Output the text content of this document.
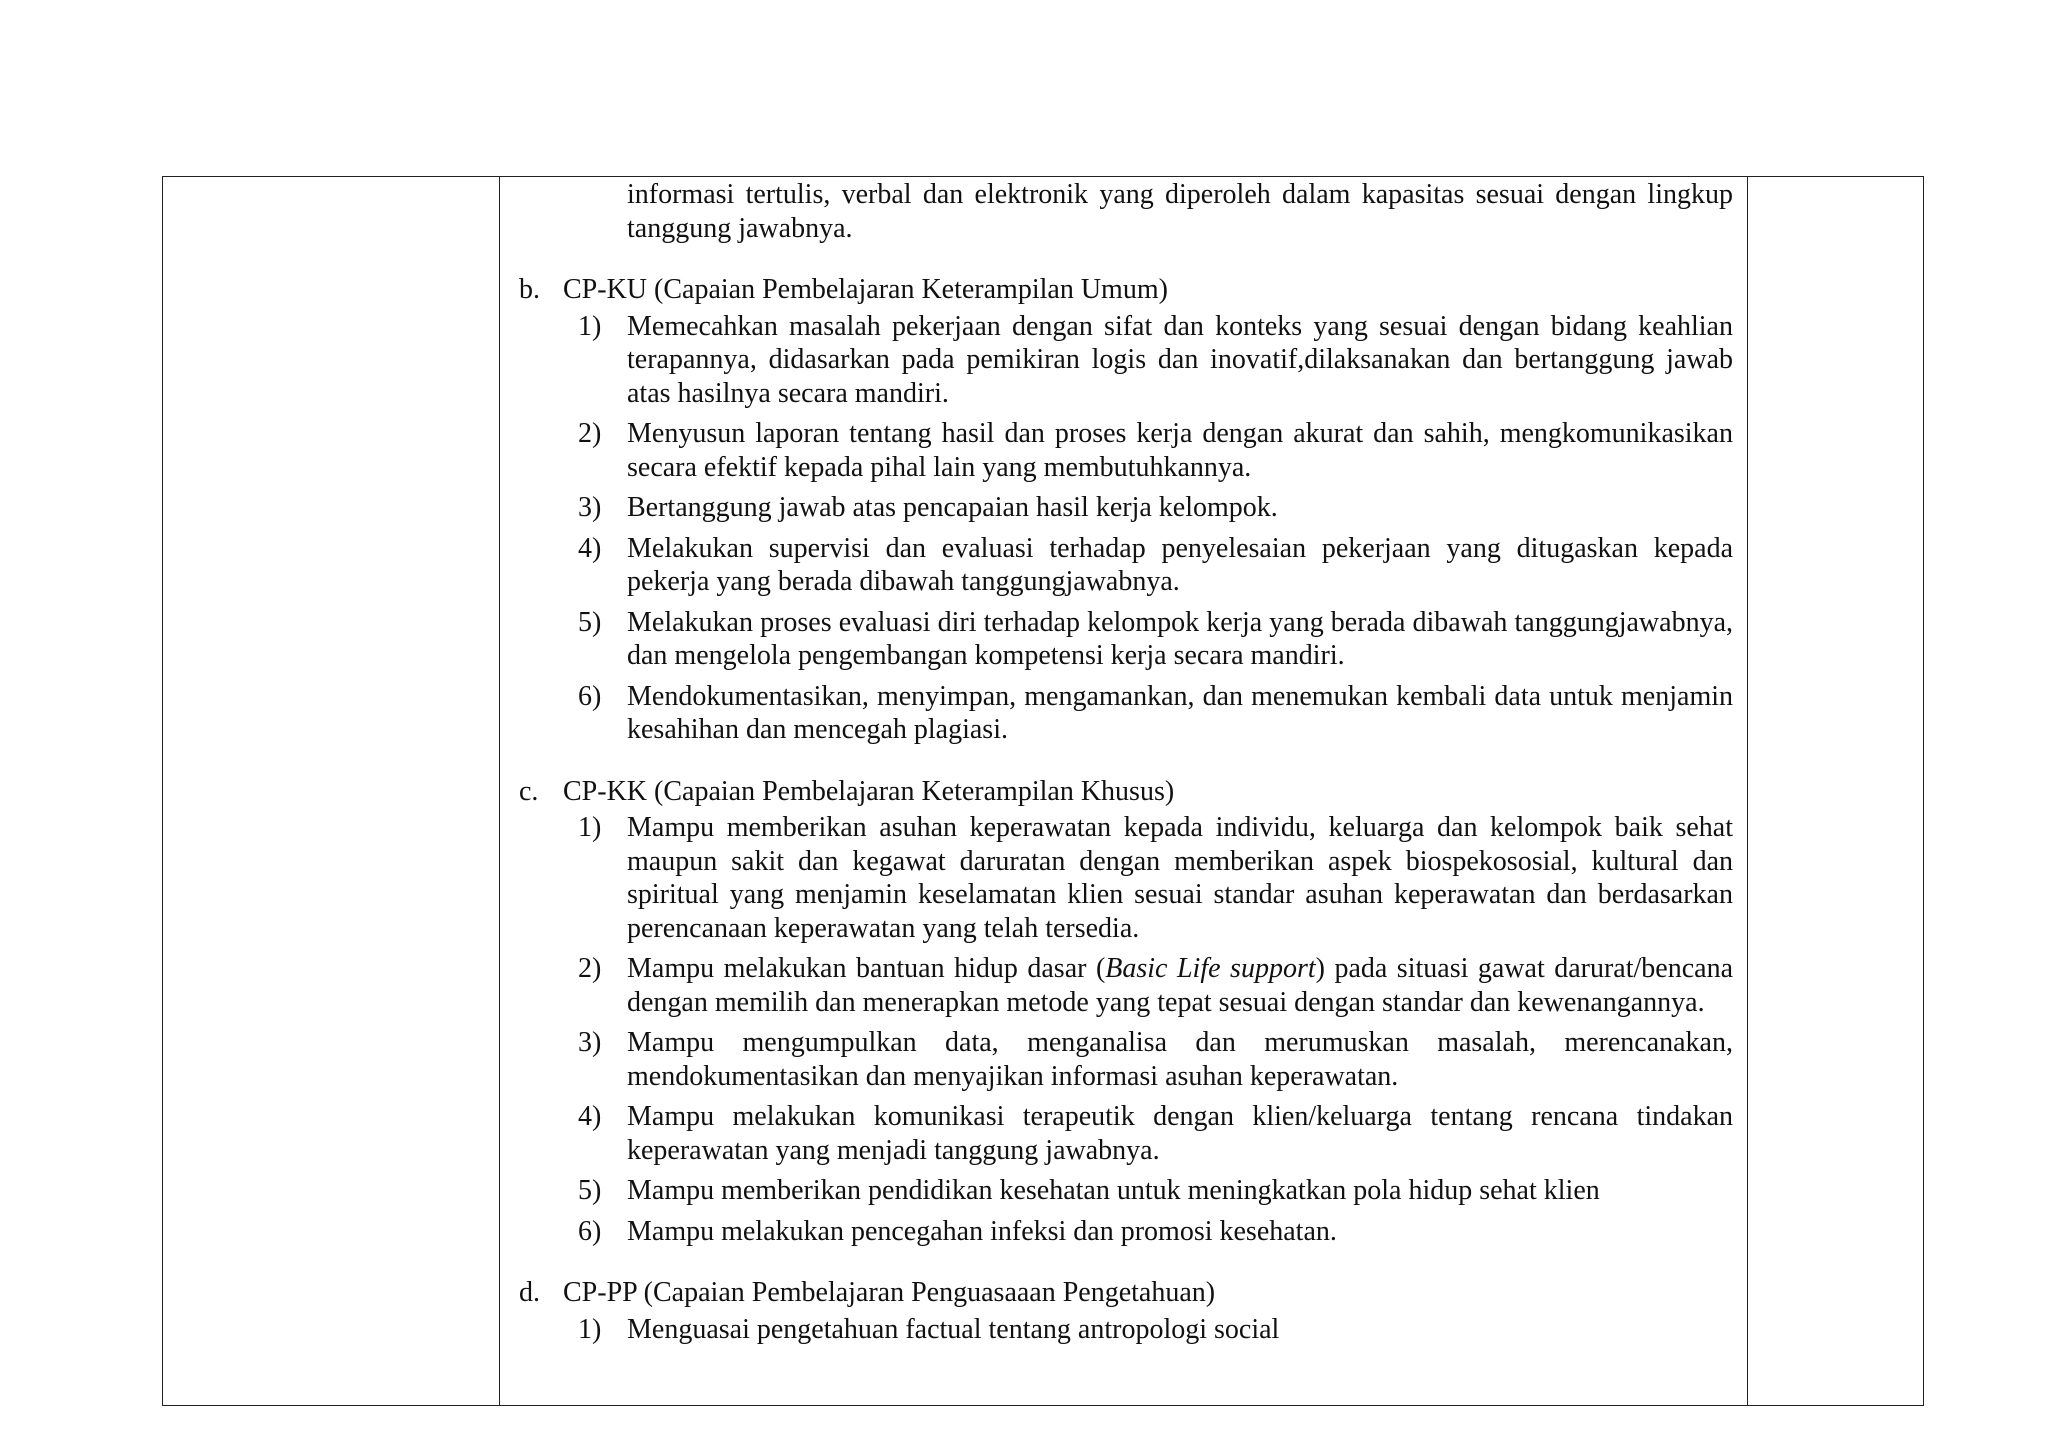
informasi tertulis, verbal dan elektronik yang diperoleh dalam kapasitas sesuai dengan lingkup tanggung jawabnya.
b. CP-KU (Capaian Pembelajaran Keterampilan Umum)
1) Memecahkan masalah pekerjaan dengan sifat dan konteks yang sesuai dengan bidang keahlian terapannya, didasarkan pada pemikiran logis dan inovatif,dilaksanakan dan bertanggung jawab atas hasilnya secara mandiri.
2) Menyusun laporan tentang hasil dan proses kerja dengan akurat dan sahih, mengkomunikasikan secara efektif kepada pihal lain yang membutuhkannya.
3) Bertanggung jawab atas pencapaian hasil kerja kelompok.
4) Melakukan supervisi dan evaluasi terhadap penyelesaian pekerjaan yang ditugaskan kepada pekerja yang berada dibawah tanggungjawabnya.
5) Melakukan proses evaluasi diri terhadap kelompok kerja yang berada dibawah tanggungjawabnya, dan mengelola pengembangan kompetensi kerja secara mandiri.
6) Mendokumentasikan, menyimpan, mengamankan, dan menemukan kembali data untuk menjamin kesahihan dan mencegah plagiasi.
c. CP-KK (Capaian Pembelajaran Keterampilan Khusus)
1) Mampu memberikan asuhan keperawatan kepada individu, keluarga dan kelompok baik sehat maupun sakit dan kegawat daruratan dengan memberikan aspek biospekososial, kultural dan spiritual yang menjamin keselamatan klien sesuai standar asuhan keperawatan dan berdasarkan perencanaan keperawatan yang telah tersedia.
2) Mampu melakukan bantuan hidup dasar (Basic Life support) pada situasi gawat darurat/bencana dengan memilih dan menerapkan metode yang tepat sesuai dengan standar dan kewenangannya.
3) Mampu mengumpulkan data, menganalisa dan merumuskan masalah, merencanakan, mendokumentasikan dan menyajikan informasi asuhan keperawatan.
4) Mampu melakukan komunikasi terapeutik dengan klien/keluarga tentang rencana tindakan keperawatan yang menjadi tanggung jawabnya.
5) Mampu memberikan pendidikan kesehatan untuk meningkatkan pola hidup sehat klien
6) Mampu melakukan pencegahan infeksi dan promosi kesehatan.
d. CP-PP (Capaian Pembelajaran Penguasaaan Pengetahuan)
1) Menguasai pengetahuan factual tentang antropologi social
